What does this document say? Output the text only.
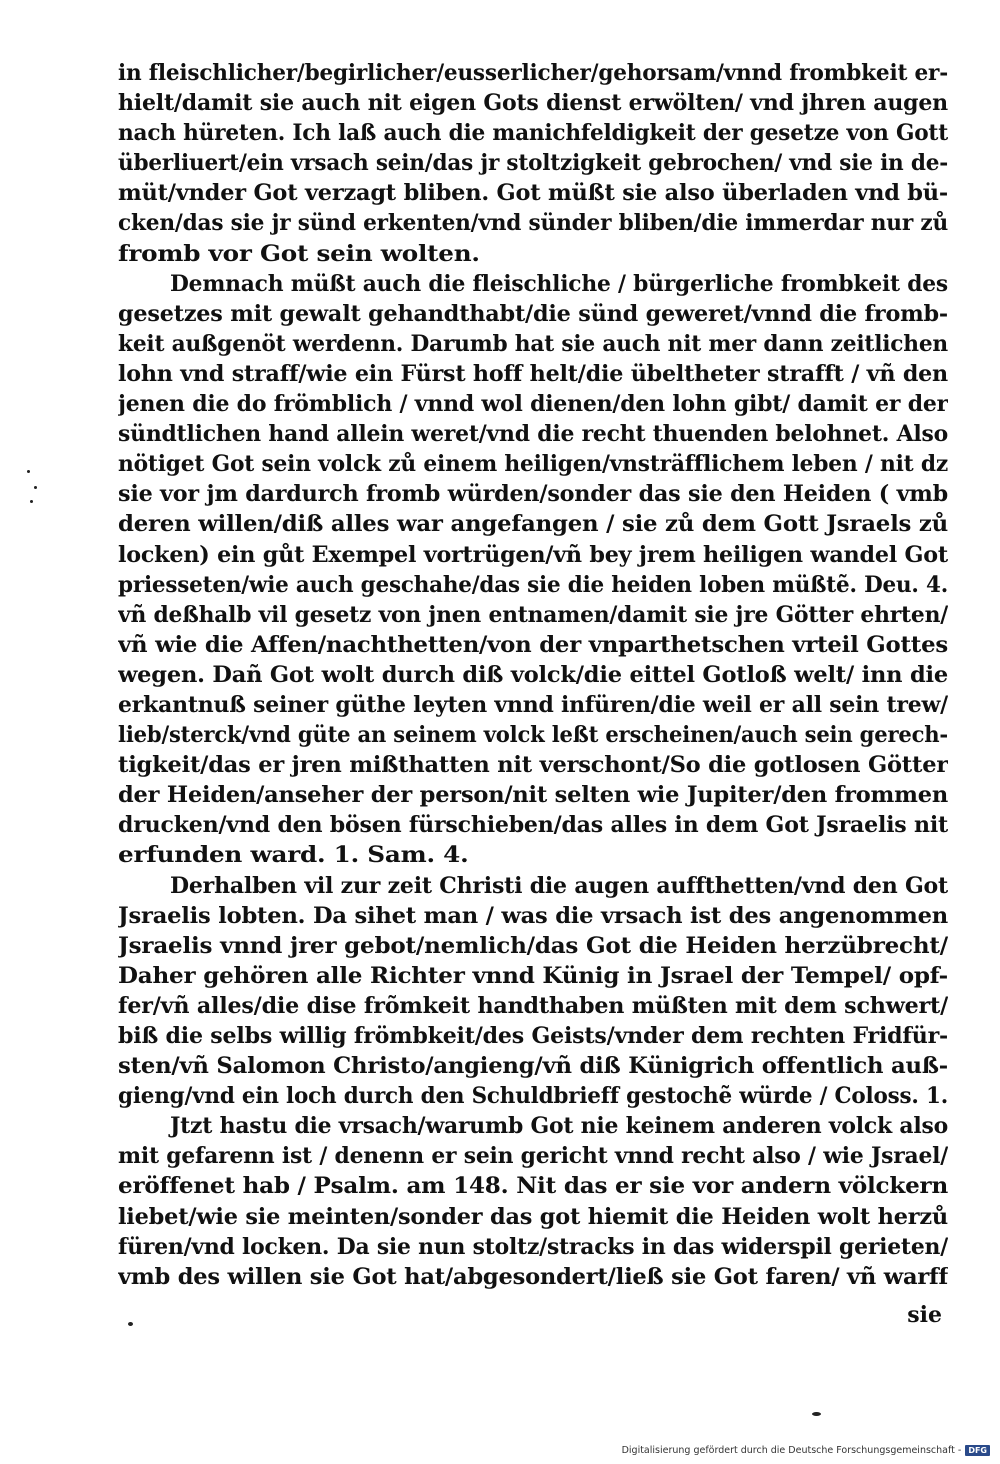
in fleischlicher/begirlicher/eusserlicher/gehorsam/vnnd frombkeit er-
hielt/damit sie auch nit eigen Gots dienst erwölten/ vnd jhren augen
nach hüreten. Ich laß auch die manichfeldigkeit der gesetze von Gott
überliuert/ein vrsach sein/das jr stoltzigkeit gebrochen/ vnd sie in de-
müt/vnder Got verzagt bliben. Got müßt sie also überladen vnd bü-
cken/das sie jr sünd erkenten/vnd sünder bliben/die immerdar nur zů
fromb vor Got sein wolten.
Demnach müßt auch die fleischliche / bürgerliche frombkeit des
gesetzes mit gewalt gehandthabt/die sünd geweret/vnnd die fromb-
keit außgenöt werdenn. Darumb hat sie auch nit mer dann zeitlichen
lohn vnd straff/wie ein Fürst hoff helt/die übeltheter strafft / vñ den
jenen die do frömblich / vnnd wol dienen/den lohn gibt/ damit er der
sündtlichen hand allein weret/vnd die recht thuenden belohnet. Also
nötiget Got sein volck zů einem heiligen/vnsträfflichem leben / nit dz
sie vor jm dardurch fromb würden/sonder das sie den Heiden ( vmb
deren willen/diß alles war angefangen / sie zů dem Gott Jsraels zů
locken) ein gůt Exempel vortrügen/vñ bey jrem heiligen wandel Got
priesseten/wie auch geschahe/das sie die heiden loben müßtẽ. Deu. 4.
vñ deßhalb vil gesetz von jnen entnamen/damit sie jre Götter ehrten/
vñ wie die Affen/nachthetten/von der vnparthetschen vrteil Gottes
wegen. Dañ Got wolt durch diß volck/die eittel Gotloß welt/ inn die
erkantnuß seiner güthe leyten vnnd infüren/die weil er all sein trew/
lieb/sterck/vnd güte an seinem volck leßt erscheinen/auch sein gerech-
tigkeit/das er jren mißthatten nit verschont/So die gotlosen Götter
der Heiden/anseher der person/nit selten wie Jupiter/den frommen
drucken/vnd den bösen fürschieben/das alles in dem Got Jsraelis nit
erfunden ward. 1. Sam. 4.
Derhalben vil zur zeit Christi die augen auffthetten/vnd den Got
Jsraelis lobten. Da sihet man / was die vrsach ist des angenommen
Jsraelis vnnd jrer gebot/nemlich/das Got die Heiden herzübrecht/
Daher gehören alle Richter vnnd Künig in Jsrael der Tempel/ opf-
fer/vñ alles/die dise frõmkeit handthaben müßten mit dem schwert/
biß die selbs willig frömbkeit/des Geists/vnder dem rechten Fridfür-
sten/vñ Salomon Christo/angieng/vñ diß Künigrich offentlich auß-
gieng/vnd ein loch durch den Schuldbrieff gestochẽ würde / Coloss. 1.
Jtzt hastu die vrsach/warumb Got nie keinem anderen volck also
mit gefarenn ist / denenn er sein gericht vnnd recht also / wie Jsrael/
eröffenet hab / Psalm. am 148. Nit das er sie vor andern völckern
liebet/wie sie meinten/sonder das got hiemit die Heiden wolt herzů
füren/vnd locken. Da sie nun stoltz/stracks in das widerspil gerieten/
vmb des willen sie Got hat/abgesondert/ließ sie Got faren/ vñ warff
sie
Digitalisierung gefördert durch die Deutsche Forschungsgemeinschaft - DFG
